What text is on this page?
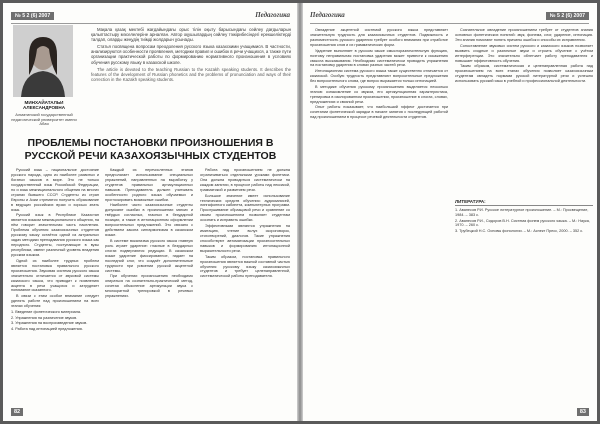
№ 5 2 (6) 2007	Педагогика
МИНХАЙАТАЛЬИ АЛЕКСАНДРОВНА
Алматинский государственный педагогический университет имени Абая

Мақала қазақ мектебі жағдайындағы орыс тілін оқыту барысындағы сөйлеу дағдыларын қалыптастыру мәселелеріне арналған. Автор оқушылардың сөйлеу тәжірибесіндегі ерекшеліктерді талдап, оларды жеңудің тиімді жолдарын ұсынады.

Статья посвящена вопросам преодоления русского языка казахскими учащимися. В частности, анализируются особенности проявления, методики правил и ошибок в речи учащихся, а также пути организации практической работы по формированию нормативного произношения в условиях обучения русскому языку в казахской школе.

The article is devoted to the teaching Russian to the Kazakh speaking students. It describes the features of the development of Russian phonetics and the problems of pronunciation and ways of their correction in the Kazakh speaking students.

ПРОБЛЕМЫ ПОСТАНОВКИ ПРОИЗНОШЕНИЯ В РУССКОЙ РЕЧИ КАЗАХОЯЗЫЧНЫХ СТУДЕНТОВ

Русский язык – национальное достояние русского народа, одно из наиболее развитых и богатых языков в мире. Это не только государственный язык Российской Федерации, но и язык межнационального общения на многих странах бывшего СССР. Студенты из стран Европы и Азии стремятся получить образование в ведущих российских вузах и хорошо знать язык.

Русский язык в Республике Казахстан является языком межнационального общения, на нём говорит значительная часть населения. Проблема обучения казахоязычных студентов русскому языку остаётся одной из актуальных задач методики преподавания русского языка как неродного. Студенты, поступающие в вузы республики, имеют различный уровень владения русским языком.

Одной из наиболее трудных проблем является постановка правильного русского произношения. Звуковая система русского языка значительно отличается от звуковой системы казахского языка, что приводит к появлению акцента в речи учащихся и затрудняет понимание сказанного.

В связи с этим особое внимание следует уделять работе над произношением на всех этапах обучения:

1. Введение фонетического материала.

2. Упражнения на различение звуков.

3. Упражнения на воспроизведение звуков.

4. Работа над интонацией предложения.

Каждый из перечисленных этапов предполагает использование специальных упражнений, направленных на выработку у студентов правильных артикуляционных навыков. Преподаватель должен учитывать особенности родного языка обучаемых и прогнозировать возможные ошибки.

Наиболее часто казахоязычные студенты допускают ошибки в произношении мягких и твёрдых согласных, гласных в безударной позиции, а также в интонационном оформлении вопросительных предложений. Это связано с действием закона сингармонизма в казахском языке.

В системе вокализма русского языка главную роль играет ударение: гласные в безударных слогах подвергаются редукции. В казахском языке ударение фиксированное, падает на последний слог, что создаёт дополнительные трудности при усвоении русской акцентной системы.

При обучении произношению необходимо опираться на сознательно-практический метод, сочетая объяснение артикуляции звука с многократной тренировкой в речевых упражнениях.

Работа над произношением не должна ограничиваться отдельными уроками фонетики. Она должна проводиться систематически на каждом занятии, в процессе работы над лексикой, грамматикой и развитием речи.

Большое значение имеет использование технических средств обучения: аудиозаписей, лингафонного кабинета, компьютерных программ. Прослушивание образцовой речи и сравнение со своим произношением позволяет студентам осознать и исправить ошибки.

Эффективными являются упражнения на имитацию, чтение вслух скороговорок, стихотворений, диалогов. Такие упражнения способствуют автоматизации произносительных навыков и формированию интонационной выразительности речи.

Таким образом, постановка правильного произношения является важной составной частью обучения русскому языку казахоязычных студентов и требует целенаправленной, систематической работы преподавателя.

82
Педагогика	№ 5 2 (6) 2007

Овладение акцентной системой русского языка представляет значительную трудность для казахоязычных студентов. Подвижность и разноместность русского ударения требует особого внимания при отработке произношения слов и их грамматических форм.

Ударение выполняет в русском языке смыслоразличительную функцию, поэтому неправильная постановка ударения может привести к искажению смысла высказывания. Необходимо систематически проводить упражнения на постановку ударения в словах разных частей речи.

Интонационная система русского языка также существенно отличается от казахской. Особую трудность представляют вопросительные предложения без вопросительного слова, где вопрос выражается только интонацией.

В методике обучения русскому произношению выделяется несколько этапов: ознакомление со звуком, его артикуляционная характеристика, тренировка в изолированном произношении, произношение в слогах, словах, предложениях и связной речи.

Опыт работы показывает, что наибольший эффект достигается при сочетании фонетической зарядки в начале занятия с последующей работой над произношением в процессе речевой деятельности студентов.

Сознательное овладение произношением требует от студентов знания основных фонетических понятий: звук, фонема, слог, ударение, интонация. Эти знания помогают понять причины ошибок и способы их исправления.

Сопоставление звуковых систем русского и казахского языков позволяет выявить сходные и различные звуки и строить обучение с учётом интерференции. Это значительно облегчает работу преподавателя и повышает эффективность обучения.

Таким образом, систематическая и целенаправленная работа над произношением на всех этапах обучения позволяет казахоязычным студентам овладеть нормами русской литературной речи и успешно использовать русский язык в учебной и профессиональной деятельности.

ЛИТЕРАТУРА:

1. Аванесов Р.И. Русское литературное произношение. – М.: Просвещение, 1984. – 383 с.

2. Аванесов Р.И., Сидоров В.Н. Система фонем русского языка. – М.: Наука, 1970. – 260 с.

3. Трубецкой Н.С. Основы фонологии. – М.: Аспект Пресс, 2000. – 352 с.

83
